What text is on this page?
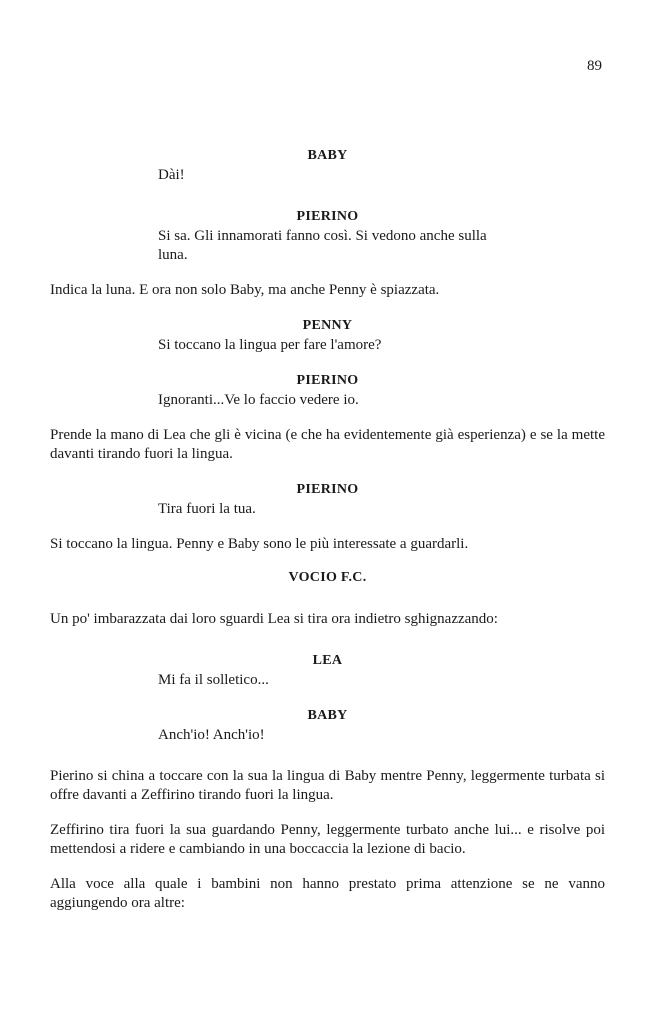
89
BABY
Dài!
PIERINO
Si sa. Gli innamorati fanno così. Si vedono anche sulla luna.
Indica la luna. E ora non solo Baby, ma anche Penny è spiazzata.
PENNY
Si toccano la lingua per fare l'amore?
PIERINO
Ignoranti...Ve lo faccio vedere io.
Prende la mano di Lea che gli è vicina (e che ha evidentemente già esperienza) e se la mette davanti tirando fuori la lingua.
PIERINO
Tira fuori la tua.
Si toccano la lingua. Penny e Baby sono le più interessate a guardarli.
VOCIO F.C.
Un po' imbarazzata dai loro sguardi Lea si tira ora indietro sghignazzando:
LEA
Mi fa il solletico...
BABY
Anch'io! Anch'io!
Pierino si china a toccare con la sua la lingua di Baby mentre Penny, leggermente turbata si offre davanti a Zeffirino tirando fuori la lingua.
Zeffirino tira fuori la sua guardando Penny, leggermente turbato anche lui... e risolve poi mettendosi a ridere e cambiando in una boccaccia la lezione di bacio.
Alla voce alla quale i bambini non hanno prestato prima attenzione se ne vanno aggiungendo ora altre:
